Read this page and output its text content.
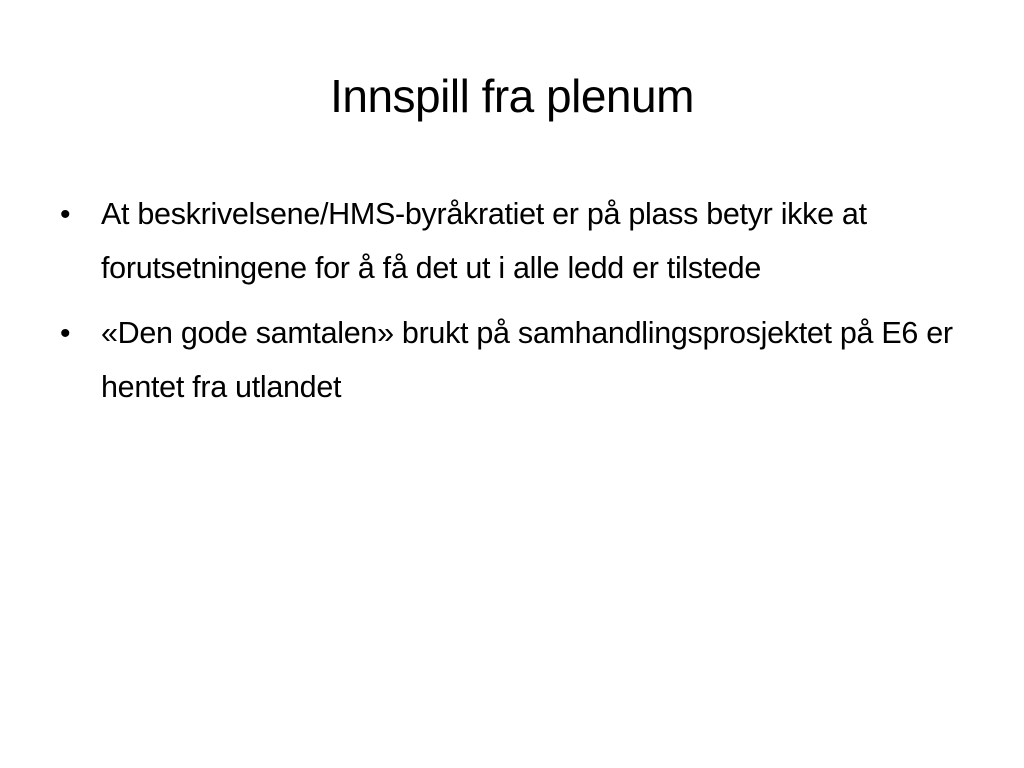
Innspill fra plenum
• At beskrivelsene/HMS-byråkratiet er på plass betyr ikke at forutsetningene for å få det ut i alle ledd er tilstede
• «Den gode samtalen» brukt på samhandlingsprosjektet på E6 er hentet fra utlandet
